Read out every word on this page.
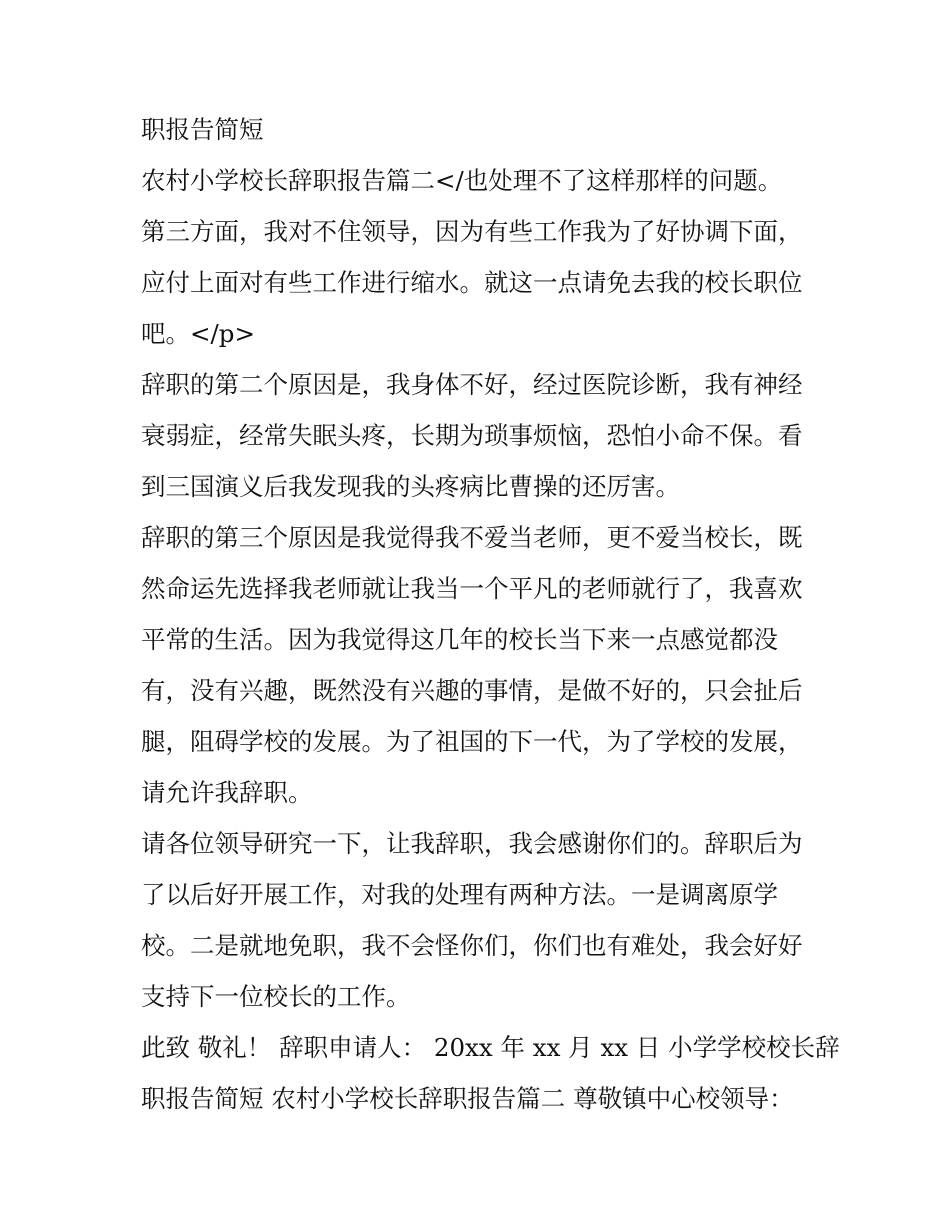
职报告简短
农村小学校长辞职报告篇二</也处理不了这样那样的问题。
第三方面，我对不住领导，因为有些工作我为了好协调下面，
应付上面对有些工作进行缩水。就这一点请免去我的校长职位
吧。</p>
辞职的第二个原因是，我身体不好，经过医院诊断，我有神经
衰弱症，经常失眠头疼，长期为琐事烦恼，恐怕小命不保。看
到三国演义后我发现我的头疼病比曹操的还厉害。
辞职的第三个原因是我觉得我不爱当老师，更不爱当校长，既
然命运先选择我老师就让我当一个平凡的老师就行了，我喜欢
平常的生活。因为我觉得这几年的校长当下来一点感觉都没
有，没有兴趣，既然没有兴趣的事情，是做不好的，只会扯后
腿，阻碍学校的发展。为了祖国的下一代，为了学校的发展，
请允许我辞职。
请各位领导研究一下，让我辞职，我会感谢你们的。辞职后为
了以后好开展工作，对我的处理有两种方法。一是调离原学
校。二是就地免职，我不会怪你们，你们也有难处，我会好好
支持下一位校长的工作。
此致 敬礼！ 辞职申请人： 20xx 年 xx 月 xx 日 小学学校校长辞
职报告简短 农村小学校长辞职报告篇二 尊敬镇中心校领导：
